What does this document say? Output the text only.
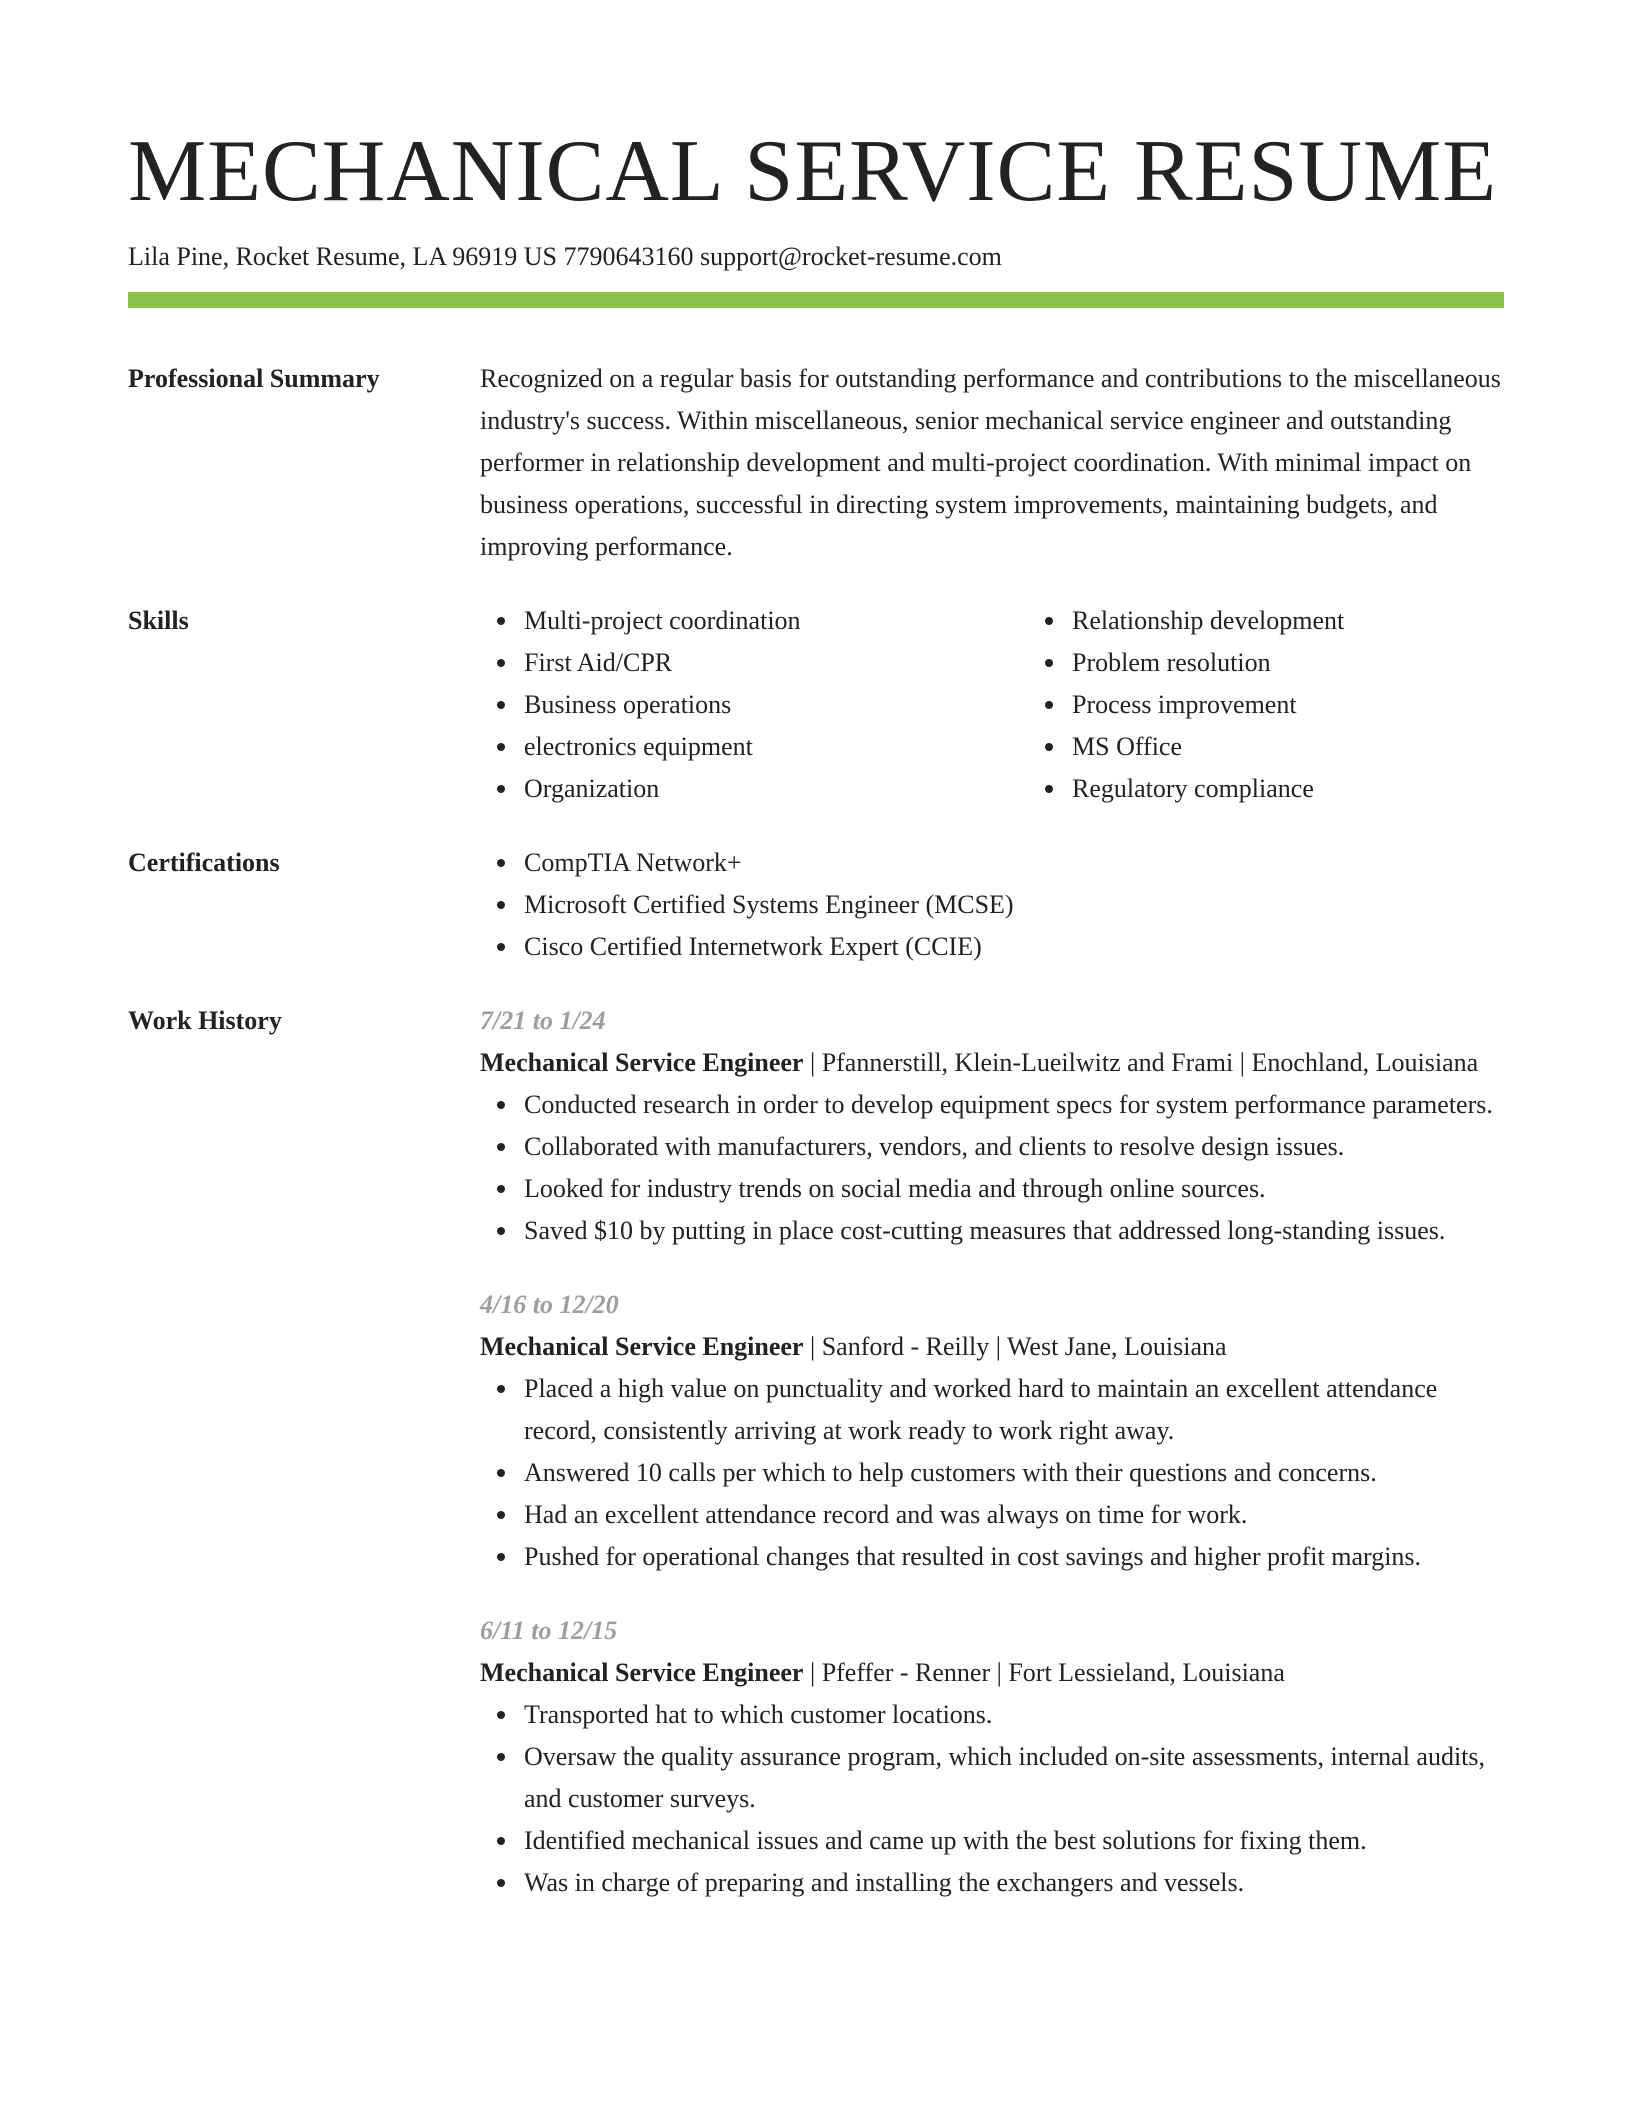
MECHANICAL SERVICE RESUME
Lila Pine, Rocket Resume, LA 96919 US 7790643160 support@rocket-resume.com
Professional Summary	Recognized on a regular basis for outstanding performance and contributions to the miscellaneous industry's success. Within miscellaneous, senior mechanical service engineer and outstanding performer in relationship development and multi-project coordination. With minimal impact on business operations, successful in directing system improvements, maintaining budgets, and improving performance.
Skills	Multi-project coordination
First Aid/CPR
Business operations
electronics equipment
Organization
Relationship development
Problem resolution
Process improvement
MS Office
Regulatory compliance
Certifications	CompTIA Network+
Microsoft Certified Systems Engineer (MCSE)
Cisco Certified Internetwork Expert (CCIE)
Work History	7/21 to 1/24
Mechanical Service Engineer | Pfannerstill, Klein-Lueilwitz and Frami | Enochland, Louisiana
Conducted research in order to develop equipment specs for system performance parameters.
Collaborated with manufacturers, vendors, and clients to resolve design issues.
Looked for industry trends on social media and through online sources.
Saved $10 by putting in place cost-cutting measures that addressed long-standing issues.
4/16 to 12/20
Mechanical Service Engineer | Sanford - Reilly | West Jane, Louisiana
Placed a high value on punctuality and worked hard to maintain an excellent attendance record, consistently arriving at work ready to work right away.
Answered 10 calls per which to help customers with their questions and concerns.
Had an excellent attendance record and was always on time for work.
Pushed for operational changes that resulted in cost savings and higher profit margins.
6/11 to 12/15
Mechanical Service Engineer | Pfeffer - Renner | Fort Lessieland, Louisiana
Transported hat to which customer locations.
Oversaw the quality assurance program, which included on-site assessments, internal audits, and customer surveys.
Identified mechanical issues and came up with the best solutions for fixing them.
Was in charge of preparing and installing the exchangers and vessels.
